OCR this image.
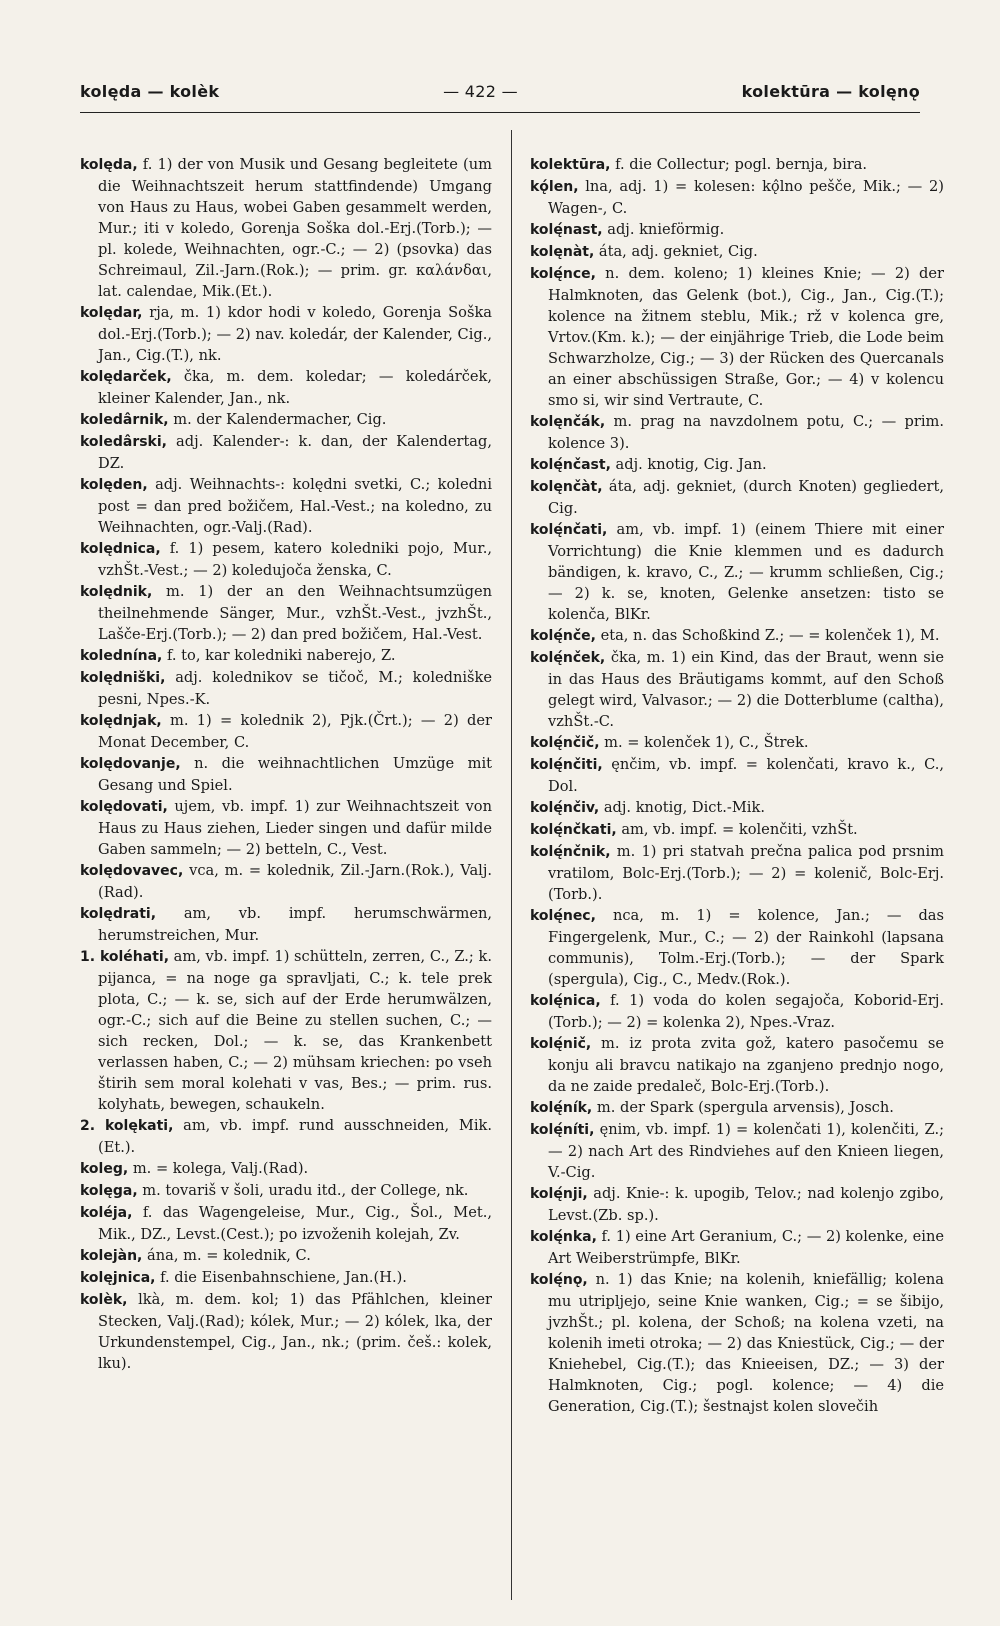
kolęda — kolèk	— 422 —	kolektūra — kolęnǫ

kolęda, f. 1) der von Musik und Gesang begleitete (um die Weihnachtszeit herum stattfindende) Umgang von Haus zu Haus, wobei Gaben gesammelt werden, Mur.; iti v koledo, Gorenja Soška dol.-Erj.(Torb.); — pl. kolede, Weihnachten, ogr.-C.; — 2) (psovka) das Schreimaul, Zil.-Jarn.(Rok.); — prim. gr. καλάνδαι, lat. calendae, Mik.(Et.).

kolędar, rja, m. 1) kdor hodi v koledo, Gorenja Soška dol.-Erj.(Torb.); — 2) nav. koledár, der Kalender, Cig., Jan., Cig.(T.), nk.

kolędarček, čka, m. dem. koledar; — koledárček, kleiner Kalender, Jan., nk.

koledârnik, m. der Kalendermacher, Cig.

koledârski, adj. Kalender-: k. dan, der Kalendertag, DZ.

kolęden, adj. Weihnachts-: kolędni svetki, C.; koledni post = dan pred božičem, Hal.-Vest.; na koledno, zu Weihnachten, ogr.-Valj.(Rad).

kolędnica, f. 1) pesem, katero koledniki pojo, Mur., vzhŠt.-Vest.; — 2) koledujoča ženska, C.

kolędnik, m. 1) der an den Weihnachtsumzügen theilnehmende Sänger, Mur., vzhŠt.-Vest., jvzhŠt., Lašče-Erj.(Torb.); — 2) dan pred božičem, Hal.-Vest.

kolednína, f. to, kar koledniki naberejo, Z.

kolędniški, adj. kolednikov se tičoč, M.; koledniške pesni, Npes.-K.

kolędnjak, m. 1) = kolednik 2), Pjk.(Črt.); — 2) der Monat December, C.

kolędovanje, n. die weihnachtlichen Umzüge mit Gesang und Spiel.

kolędovati, ujem, vb. impf. 1) zur Weihnachtszeit von Haus zu Haus ziehen, Lieder singen und dafür milde Gaben sammeln; — 2) betteln, C., Vest.

kolędovavec, vca, m. = kolednik, Zil.-Jarn.(Rok.), Valj.(Rad).

kolędrati, am, vb. impf. herumschwärmen, herumstreichen, Mur.

1. koléhati, am, vb. impf. 1) schütteln, zerren, C., Z.; k. pijanca, = na noge ga spravljati, C.; k. tele prek plota, C.; — k. se, sich auf der Erde herumwälzen, ogr.-C.; sich auf die Beine zu stellen suchen, C.; — sich recken, Dol.; — k. se, das Krankenbett verlassen haben, C.; — 2) mühsam kriechen: po vseh štirih sem moral kolehati v vas, Bes.; — prim. rus. kolyhatь, bewegen, schaukeln.

2. kolękati, am, vb. impf. rund ausschneiden, Mik.(Et.).

koleg, m. = kolega, Valj.(Rad).

kolęga, m. tovariš v šoli, uradu itd., der College, nk.

koléja, f. das Wagengeleise, Mur., Cig., Šol., Met., Mik., DZ., Levst.(Cest.); po izvoženih kolejah, Zv.

kolejàn, ána, m. = kolednik, C.

kolęjnica, f. die Eisenbahnschiene, Jan.(H.).

kolèk, lkà, m. dem. kol; 1) das Pfählchen, kleiner Stecken, Valj.(Rad); kólek, Mur.; — 2) kólek, lka, der Urkundenstempel, Cig., Jan., nk.; (prim. češ.: kolek, lku).

kolektūra, f. die Collectur; pogl. bernja, bira.

kǫ́len, lna, adj. 1) = kolesen: kǫ̂lno pešče, Mik.; — 2) Wagen-, C.

kolę́nast, adj. knieförmig.

kolęnàt, áta, adj. gekniet, Cig.

kolę́nce, n. dem. koleno; 1) kleines Knie; — 2) der Halmknoten, das Gelenk (bot.), Cig., Jan., Cig.(T.); kolence na žitnem steblu, Mik.; rž v kolenca gre, Vrtov.(Km. k.); — der einjährige Trieb, die Lode beim Schwarzholze, Cig.; — 3) der Rücken des Quercanals an einer abschüssigen Straße, Gor.; — 4) v kolencu smo si, wir sind Vertraute, C.

kolęnčák, m. prag na navzdolnem potu, C.; — prim. kolence 3).

kolę́nčast, adj. knotig, Cig. Jan.

kolęnčàt, áta, adj. gekniet, (durch Knoten) gegliedert, Cig.

kolę́nčati, am, vb. impf. 1) (einem Thiere mit einer Vorrichtung) die Knie klemmen und es dadurch bändigen, k. kravo, C., Z.; — krumm schließen, Cig.; — 2) k. se, knoten, Gelenke ansetzen: tisto se kolenča, BlKr.

kolę́nče, eta, n. das Schoßkind Z.; — = kolenček 1), M.

kolę́nček, čka, m. 1) ein Kind, das der Braut, wenn sie in das Haus des Bräutigams kommt, auf den Schoß gelegt wird, Valvasor.; — 2) die Dotterblume (caltha), vzhŠt.-C.

kolę́nčič, m. = kolenček 1), C., Štrek.

kolę́nčiti, ęnčim, vb. impf. = kolenčati, kravo k., C., Dol.

kolę́nčiv, adj. knotig, Dict.-Mik.

kolę́nčkati, am, vb. impf. = kolenčiti, vzhŠt.

kolę́nčnik, m. 1) pri statvah prečna palica pod prsnim vratilom, Bolc-Erj.(Torb.); — 2) = kolenič, Bolc-Erj.(Torb.).

kolę́nec, nca, m. 1) = kolence, Jan.; — das Fingergelenk, Mur., C.; — 2) der Rainkohl (lapsana communis), Tolm.-Erj.(Torb.); — der Spark (spergula), Cig., C., Medv.(Rok.).

kolę́nica, f. 1) voda do kolen segajoča, Koborid-Erj.(Torb.); — 2) = kolenka 2), Npes.-Vraz.

kolę́nič, m. iz prota zvita gož, katero pasočemu se konju ali bravcu natikajo na zganjeno prednjo nogo, da ne zaide predaleč, Bolc-Erj.(Torb.).

kolę́ník, m. der Spark (spergula arvensis), Josch.

kolę́níti, ęnim, vb. impf. 1) = kolenčati 1), kolenčiti, Z.; — 2) nach Art des Rindviehes auf den Knieen liegen, V.-Cig.

kolę́nji, adj. Knie-: k. upogib, Telov.; nad kolenjo zgibo, Levst.(Zb. sp.).

kolę́nka, f. 1) eine Art Geranium, C.; — 2) kolenke, eine Art Weiberstrümpfe, BlKr.

kolę́nǫ, n. 1) das Knie; na kolenih, kniefällig; kolena mu utripljejo, seine Knie wanken, Cig.; = se šibijo, jvzhŠt.; pl. kolena, der Schoß; na kolena vzeti, na kolenih imeti otroka; — 2) das Kniestück, Cig.; — der Kniehebel, Cig.(T.); das Knieeisen, DZ.; — 3) der Halmknoten, Cig.; pogl. kolence; — 4) die Generation, Cig.(T.); šestnajst kolen slovečih
